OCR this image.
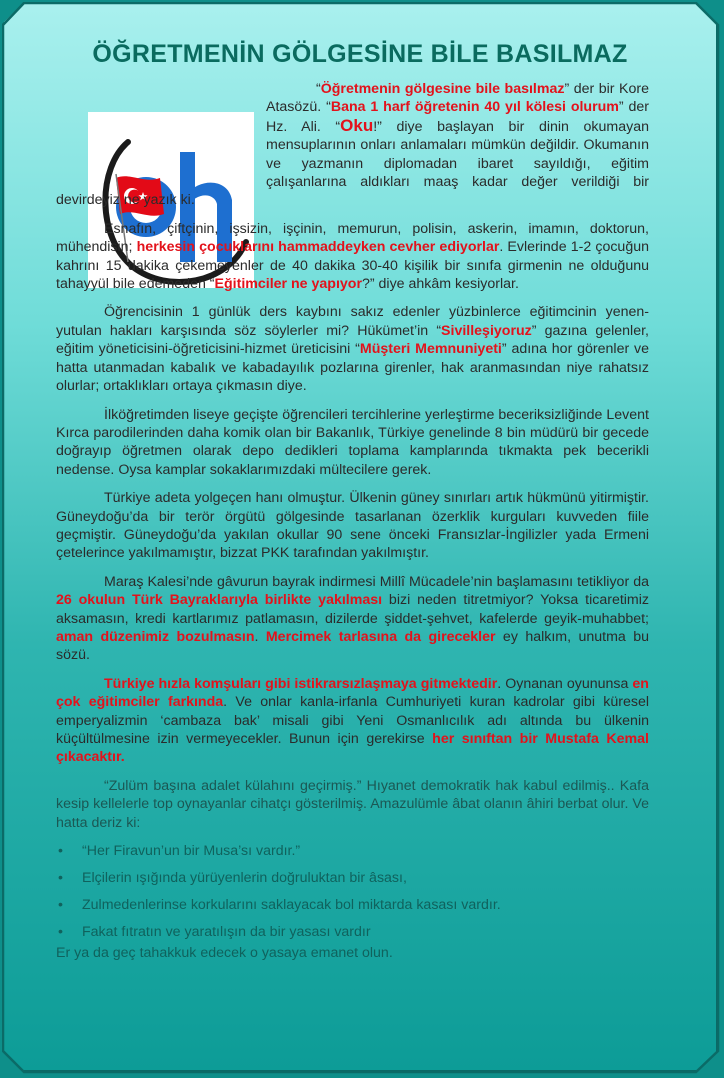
ÖĞRETMENİN GÖLGESİNE BİLE BASILMAZ

“Öğretmenin gölgesine bile basılmaz” der bir Kore Atasözü. “Bana 1 harf öğretenin 40 yıl kölesi olurum” der Hz. Ali. “Oku!” diye başlayan bir dinin okumayan mensuplarının onları anlamaları mümkün değildir. Okumanın ve yazmanın diplomadan ibaret sayıldığı, eğitim çalışanlarına aldıkları maaş kadar değer verildiği bir devirdeyiz ne yazık ki.

Esnafın, çiftçinin, işsizin, işçinin, memurun, polisin, askerin, imamın, doktorun, mühendisin; herkesin çocuklarını hammaddeyken cevher ediyorlar. Evlerinde 1-2 çocuğun kahrını 15 dakika çekemeyenler de 40 dakika 30-40 kişilik bir sınıfa girmenin ne olduğunu tahayyül bile edemeden “Eğitimciler ne yapıyor?” diye ahkâm kesiyorlar.

Öğrencisinin 1 günlük ders kaybını sakız edenler yüzbinlerce eğitimcinin yenen-yutulan hakları karşısında söz söylerler mi? Hükümet’in “Sivilleşiyoruz” gazına gelenler, eğitim yöneticisini-öğreticisini-hizmet üreticisini “Müşteri Memnuniyeti” adına hor görenler ve hatta utanmadan kabalık ve kabadayılık pozlarına girenler, hak aranmasından niye rahatsız olurlar; ortaklıkları ortaya çıkmasın diye.

İlköğretimden liseye geçişte öğrencileri tercihlerine yerleştirme beceriksizliğinde Levent Kırca parodilerinden daha komik olan bir Bakanlık, Türkiye genelinde 8 bin müdürü bir gecede doğrayıp öğretmen olarak depo dedikleri toplama kamplarında tıkmakta pek becerikli nedense. Oysa kamplar sokaklarımızdaki mültecilere gerek.

Türkiye adeta yolgeçen hanı olmuştur. Ülkenin güney sınırları artık hükmünü yitirmiştir. Güneydoğu’da bir terör örgütü gölgesinde tasarlanan özerklik kurguları kuvveden fiile geçmiştir. Güneydoğu’da yakılan okullar 90 sene önceki Fransızlar-İngilizler yada Ermeni çetelerince yakılmamıştır, bizzat PKK tarafından yakılmıştır.

Maraş Kalesi’nde gâvurun bayrak indirmesi Millî Mücadele’nin başlamasını tetikliyor da 26 okulun Türk Bayraklarıyla birlikte yakılması bizi neden titretmiyor? Yoksa ticaretimiz aksamasın, kredi kartlarımız patlamasın, dizilerde şiddet-şehvet, kafelerde geyik-muhabbet; aman düzenimiz bozulmasın. Mercimek tarlasına da girecekler ey halkım, unutma bu sözü.

Türkiye hızla komşuları gibi istikrarsızlaşmaya gitmektedir. Oynanan oyununsa en çok eğitimciler farkında. Ve onlar kanla-irfanla Cumhuriyeti kuran kadrolar gibi küresel emperyalizmin ‘cambaza bak’ misali gibi Yeni Osmanlıcılık adı altında bu ülkenin küçültülmesine izin vermeyecekler. Bunun için gerekirse her sınıftan bir Mustafa Kemal çıkacaktır.

“Zulüm başına adalet külahını geçirmiş.” Hıyanet demokratik hak kabul edilmiş.. Kafa kesip kellelerle top oynayanlar cihatçı gösterilmiş. Amazulümle âbat olanın âhiri berbat olur. Ve hatta deriz ki:

• “Her Firavun’un bir Musa’sı vardır.”
• Elçilerin ışığında yürüyenlerin doğruluktan bir âsası,
• Zulmedenlerinse korkularını saklayacak bol miktarda kasası vardır.
• Fakat fıtratın ve yaratılışın da bir yasası vardır
Er ya da geç tahakkuk edecek o yasaya emanet olun.
